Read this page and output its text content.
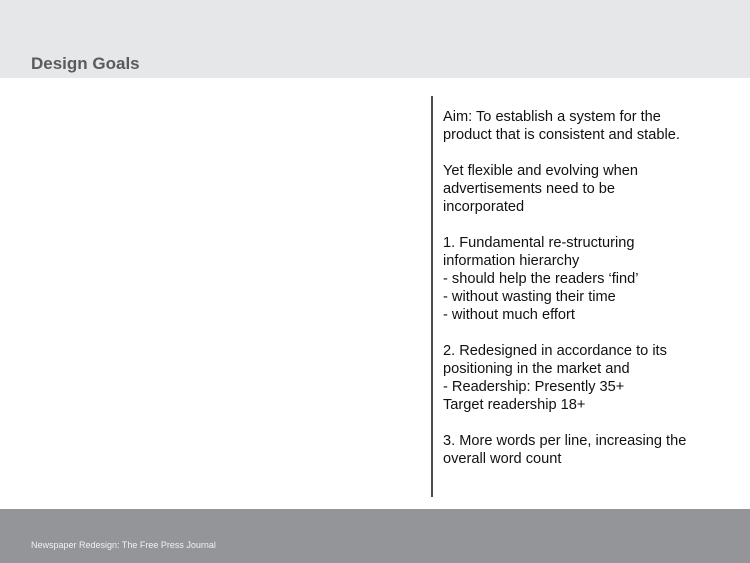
Design Goals
Aim: To establish a system for the
product that is consistent and stable.
Yet flexible and evolving when
advertisements need to be
incorporated
1. Fundamental re-structuring
information hierarchy
- should help the readers ‘find’
- without wasting their time
- without much effort
2. Redesigned in accordance to its
positioning in the market and
- Readership: Presently 35+
Target readership 18+
3. More words per line, increasing the
overall word count
Newspaper Redesign: The Free Press Journal
